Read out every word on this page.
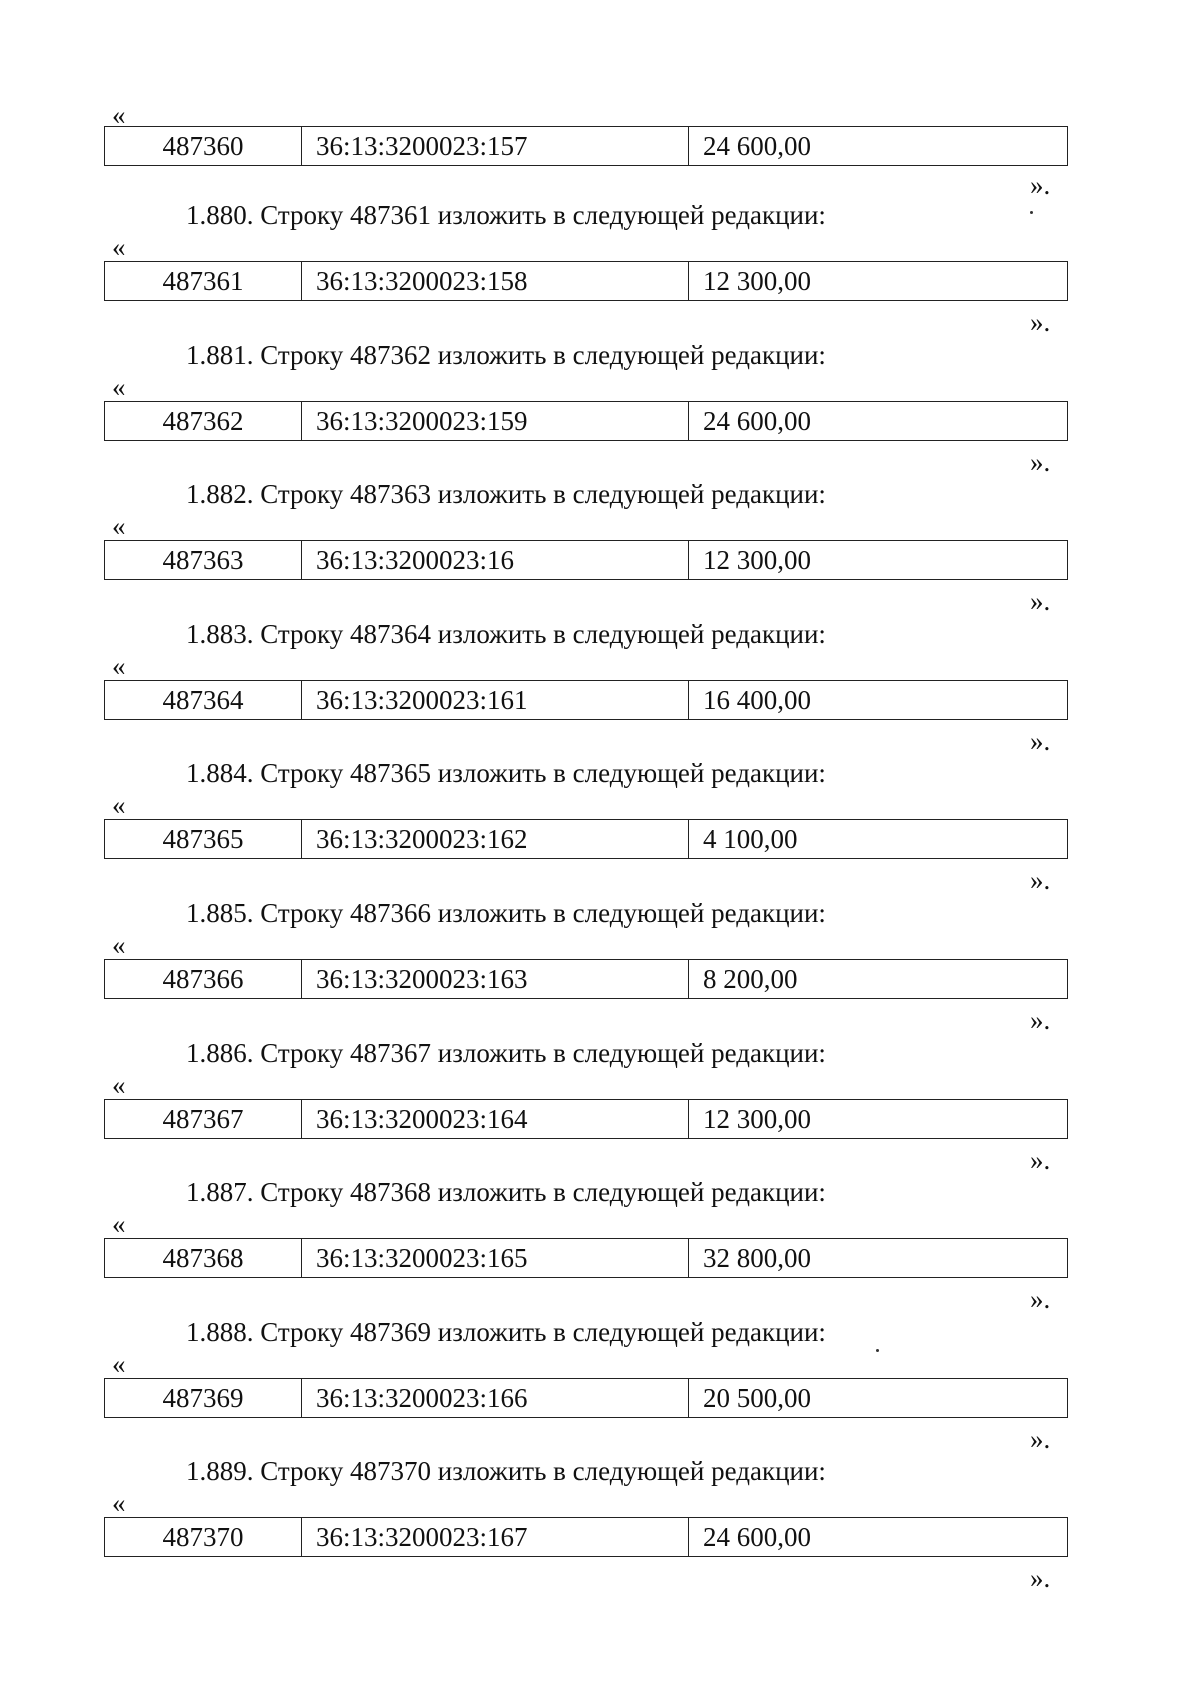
«
487360	36:13:3200023:157	24 600,00
».
1.880. Строку 487361 изложить в следующей редакции:
«
487361	36:13:3200023:158	12 300,00
».
1.881. Строку 487362 изложить в следующей редакции:
«
487362	36:13:3200023:159	24 600,00
».
1.882. Строку 487363 изложить в следующей редакции:
«
487363	36:13:3200023:16	12 300,00
».
1.883. Строку 487364 изложить в следующей редакции:
«
487364	36:13:3200023:161	16 400,00
».
1.884. Строку 487365 изложить в следующей редакции:
«
487365	36:13:3200023:162	4 100,00
».
1.885. Строку 487366 изложить в следующей редакции:
«
487366	36:13:3200023:163	8 200,00
».
1.886. Строку 487367 изложить в следующей редакции:
«
487367	36:13:3200023:164	12 300,00
».
1.887. Строку 487368 изложить в следующей редакции:
«
487368	36:13:3200023:165	32 800,00
».
1.888. Строку 487369 изложить в следующей редакции:
«
487369	36:13:3200023:166	20 500,00
».
1.889. Строку 487370 изложить в следующей редакции:
«
487370	36:13:3200023:167	24 600,00
».
